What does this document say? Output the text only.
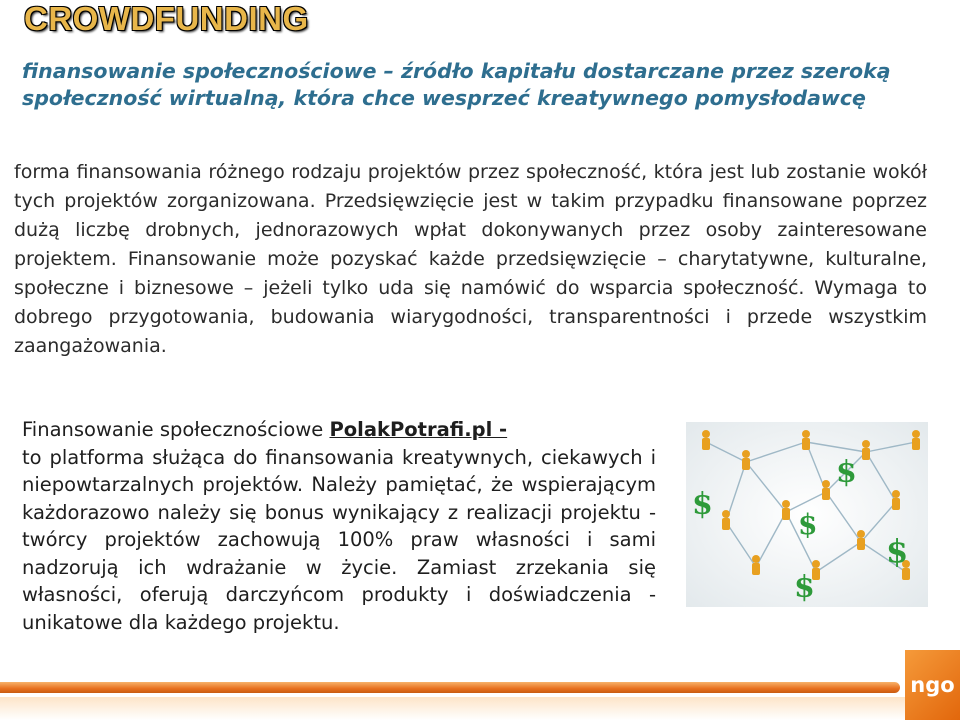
CROWDFUNDING

finansowanie społecznościowe – źródło kapitału dostarczane przez szeroką społeczność wirtualną, która chce wesprzeć kreatywnego pomysłodawcę

forma finansowania różnego rodzaju projektów przez społeczność, która jest lub zostanie wokół tych projektów zorganizowana. Przedsięwzięcie jest w takim przypadku finansowane poprzez dużą liczbę drobnych, jednorazowych wpłat dokonywanych przez osoby zainteresowane projektem. Finansowanie może pozyskać każde przedsięwzięcie – charytatywne, kulturalne, społeczne i biznesowe – jeżeli tylko uda się namówić do wsparcia społeczność. Wymaga to dobrego przygotowania, budowania wiarygodności, transparentności i przede wszystkim zaangażowania.

Finansowanie społecznościowe PolakPotrafi.pl -
to platforma służąca do finansowania kreatywnych, ciekawych i niepowtarzalnych projektów. Należy pamiętać, że wspierającym każdorazowo należy się bonus wynikający z realizacji projektu - twórcy projektów zachowują 100% praw własności i sami nadzorują ich wdrażanie w życie. Zamiast zrzekania się własności, oferują darczyńcom produkty i doświadczenia - unikatowe dla każdego projektu.

$
$
$
$
$
ngo
